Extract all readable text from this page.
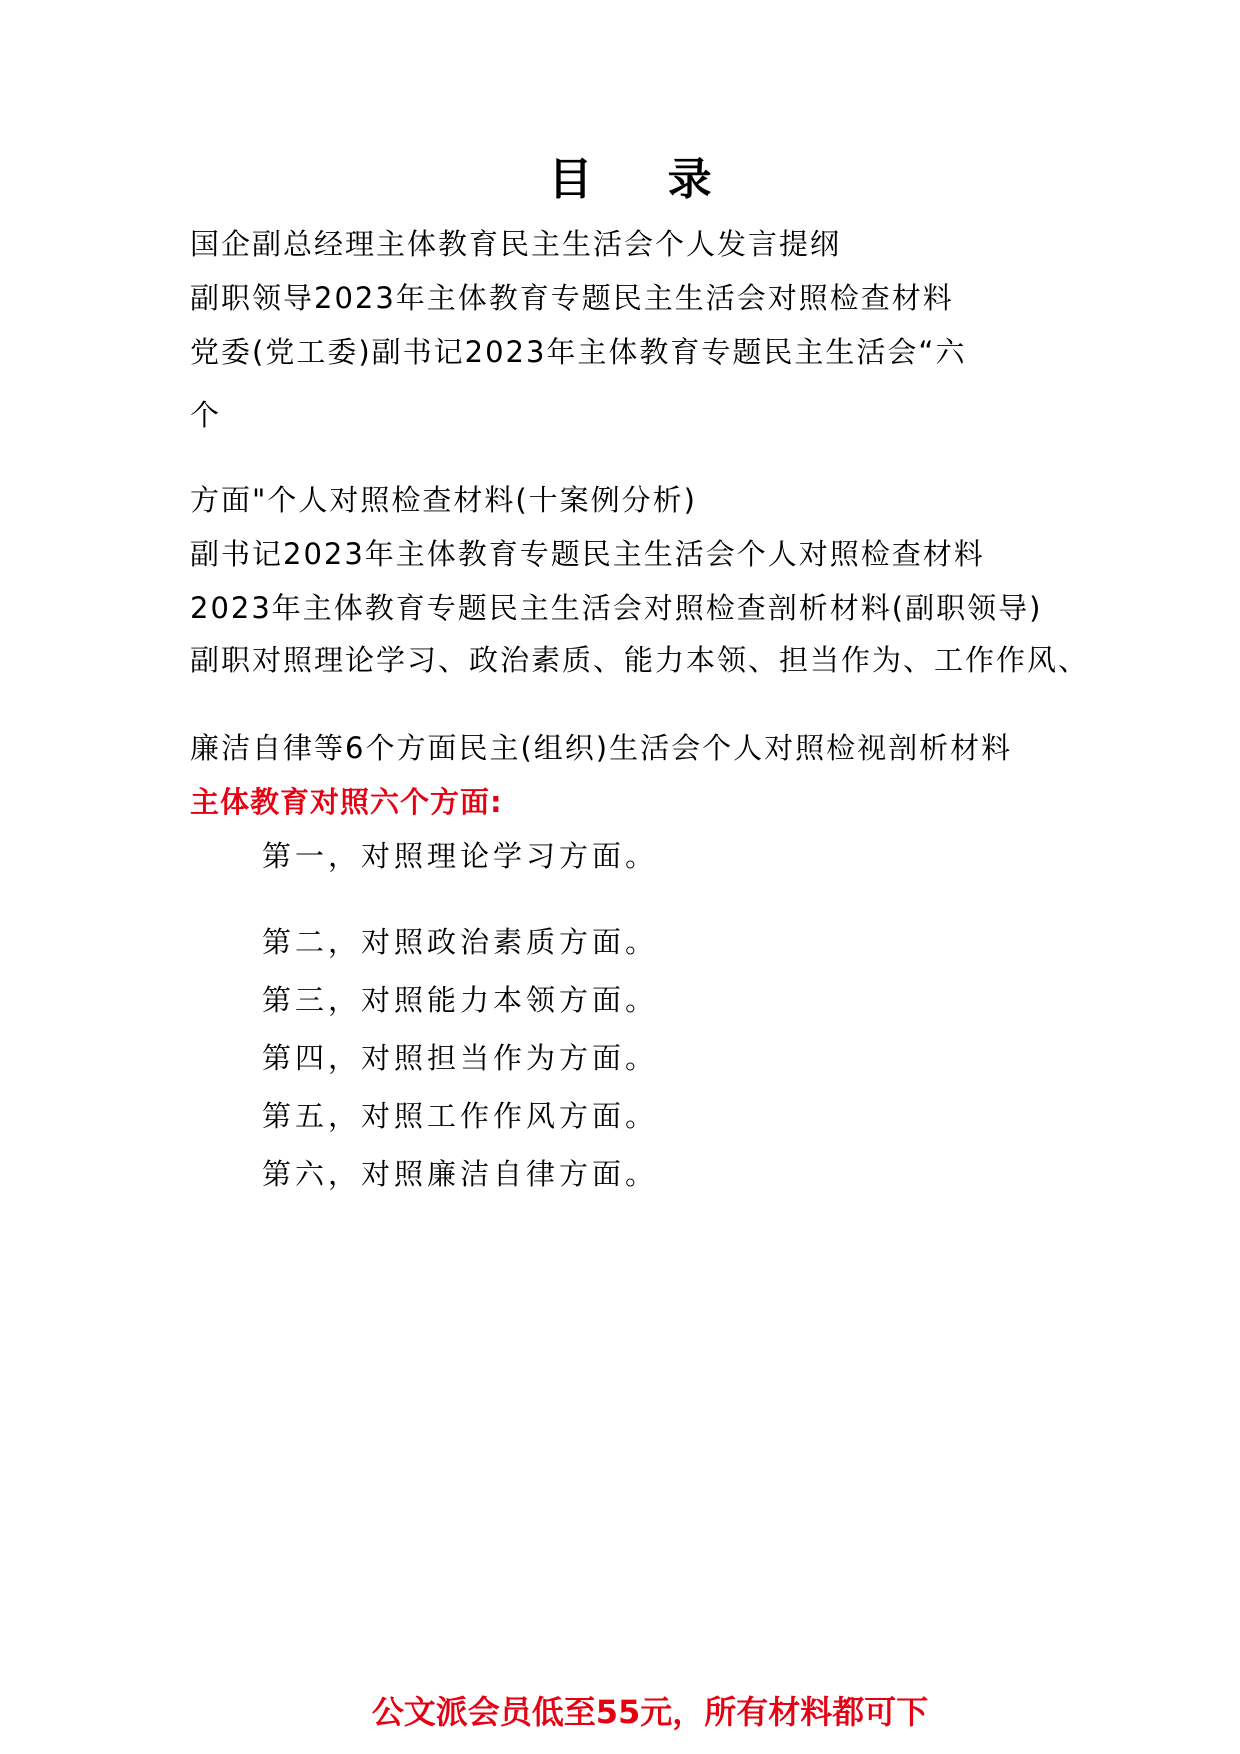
目 录
国企副总经理主体教育民主生活会个人发言提纲
副职领导2023年主体教育专题民主生活会对照检查材料
党委(党工委)副书记2023年主体教育专题民主生活会“六
个
方面"个人对照检查材料(十案例分析)
副书记2023年主体教育专题民主生活会个人对照检查材料
2023年主体教育专题民主生活会对照检查剖析材料(副职领导)
副职对照理论学习、政治素质、能力本领、担当作为、工作作风、
廉洁自律等6个方面民主(组织)生活会个人对照检视剖析材料
主体教育对照六个方面:
第一，对照理论学习方面。
第二，对照政治素质方面。
第三，对照能力本领方面。
第四，对照担当作为方面。
第五，对照工作作风方面。
第六，对照廉洁自律方面。
公文派会员低至55元，所有材料都可下
